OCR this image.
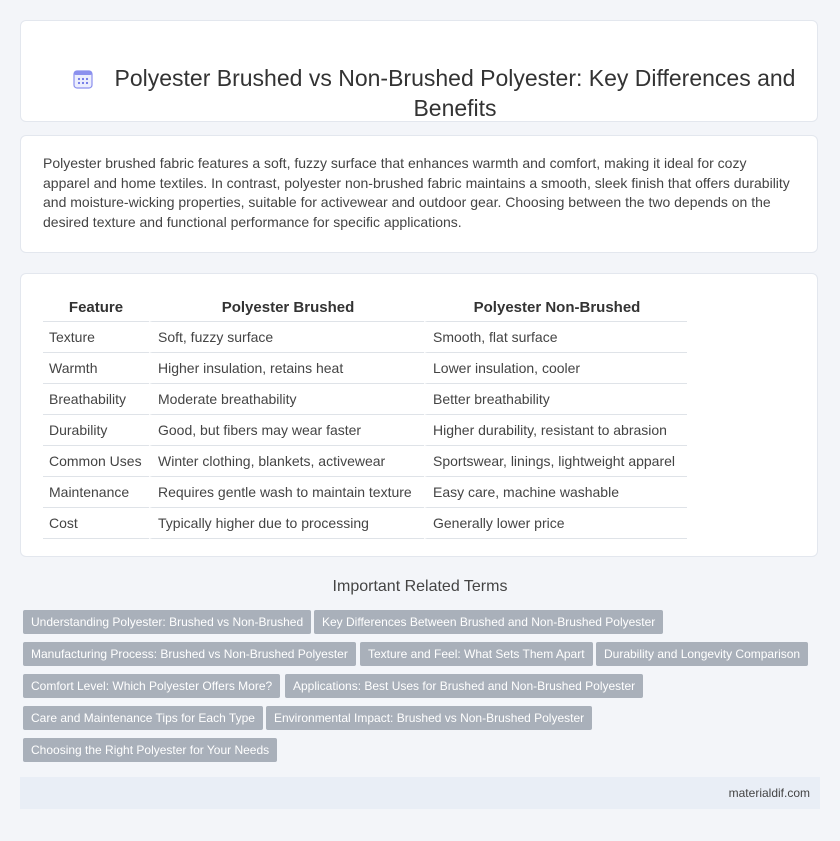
Polyester Brushed vs Non-Brushed Polyester: Key Differences and Benefits

Polyester brushed fabric features a soft, fuzzy surface that enhances warmth and comfort, making it ideal for cozy apparel and home textiles. In contrast, polyester non-brushed fabric maintains a smooth, sleek finish that offers durability and moisture-wicking properties, suitable for activewear and outdoor gear. Choosing between the two depends on the desired texture and functional performance for specific applications.

Feature	Polyester Brushed	Polyester Non-Brushed
Texture	Soft, fuzzy surface	Smooth, flat surface
Warmth	Higher insulation, retains heat	Lower insulation, cooler
Breathability	Moderate breathability	Better breathability
Durability	Good, but fibers may wear faster	Higher durability, resistant to abrasion
Common Uses	Winter clothing, blankets, activewear	Sportswear, linings, lightweight apparel
Maintenance	Requires gentle wash to maintain texture	Easy care, machine washable
Cost	Typically higher due to processing	Generally lower price
Important Related Terms
Understanding Polyester: Brushed vs Non-Brushed	Key Differences Between Brushed and Non-Brushed Polyester
Manufacturing Process: Brushed vs Non-Brushed Polyester	Texture and Feel: What Sets Them Apart	Durability and Longevity Comparison
Comfort Level: Which Polyester Offers More?	Applications: Best Uses for Brushed and Non-Brushed Polyester
Care and Maintenance Tips for Each Type	Environmental Impact: Brushed vs Non-Brushed Polyester
Choosing the Right Polyester for Your Needs
materialdif.com
